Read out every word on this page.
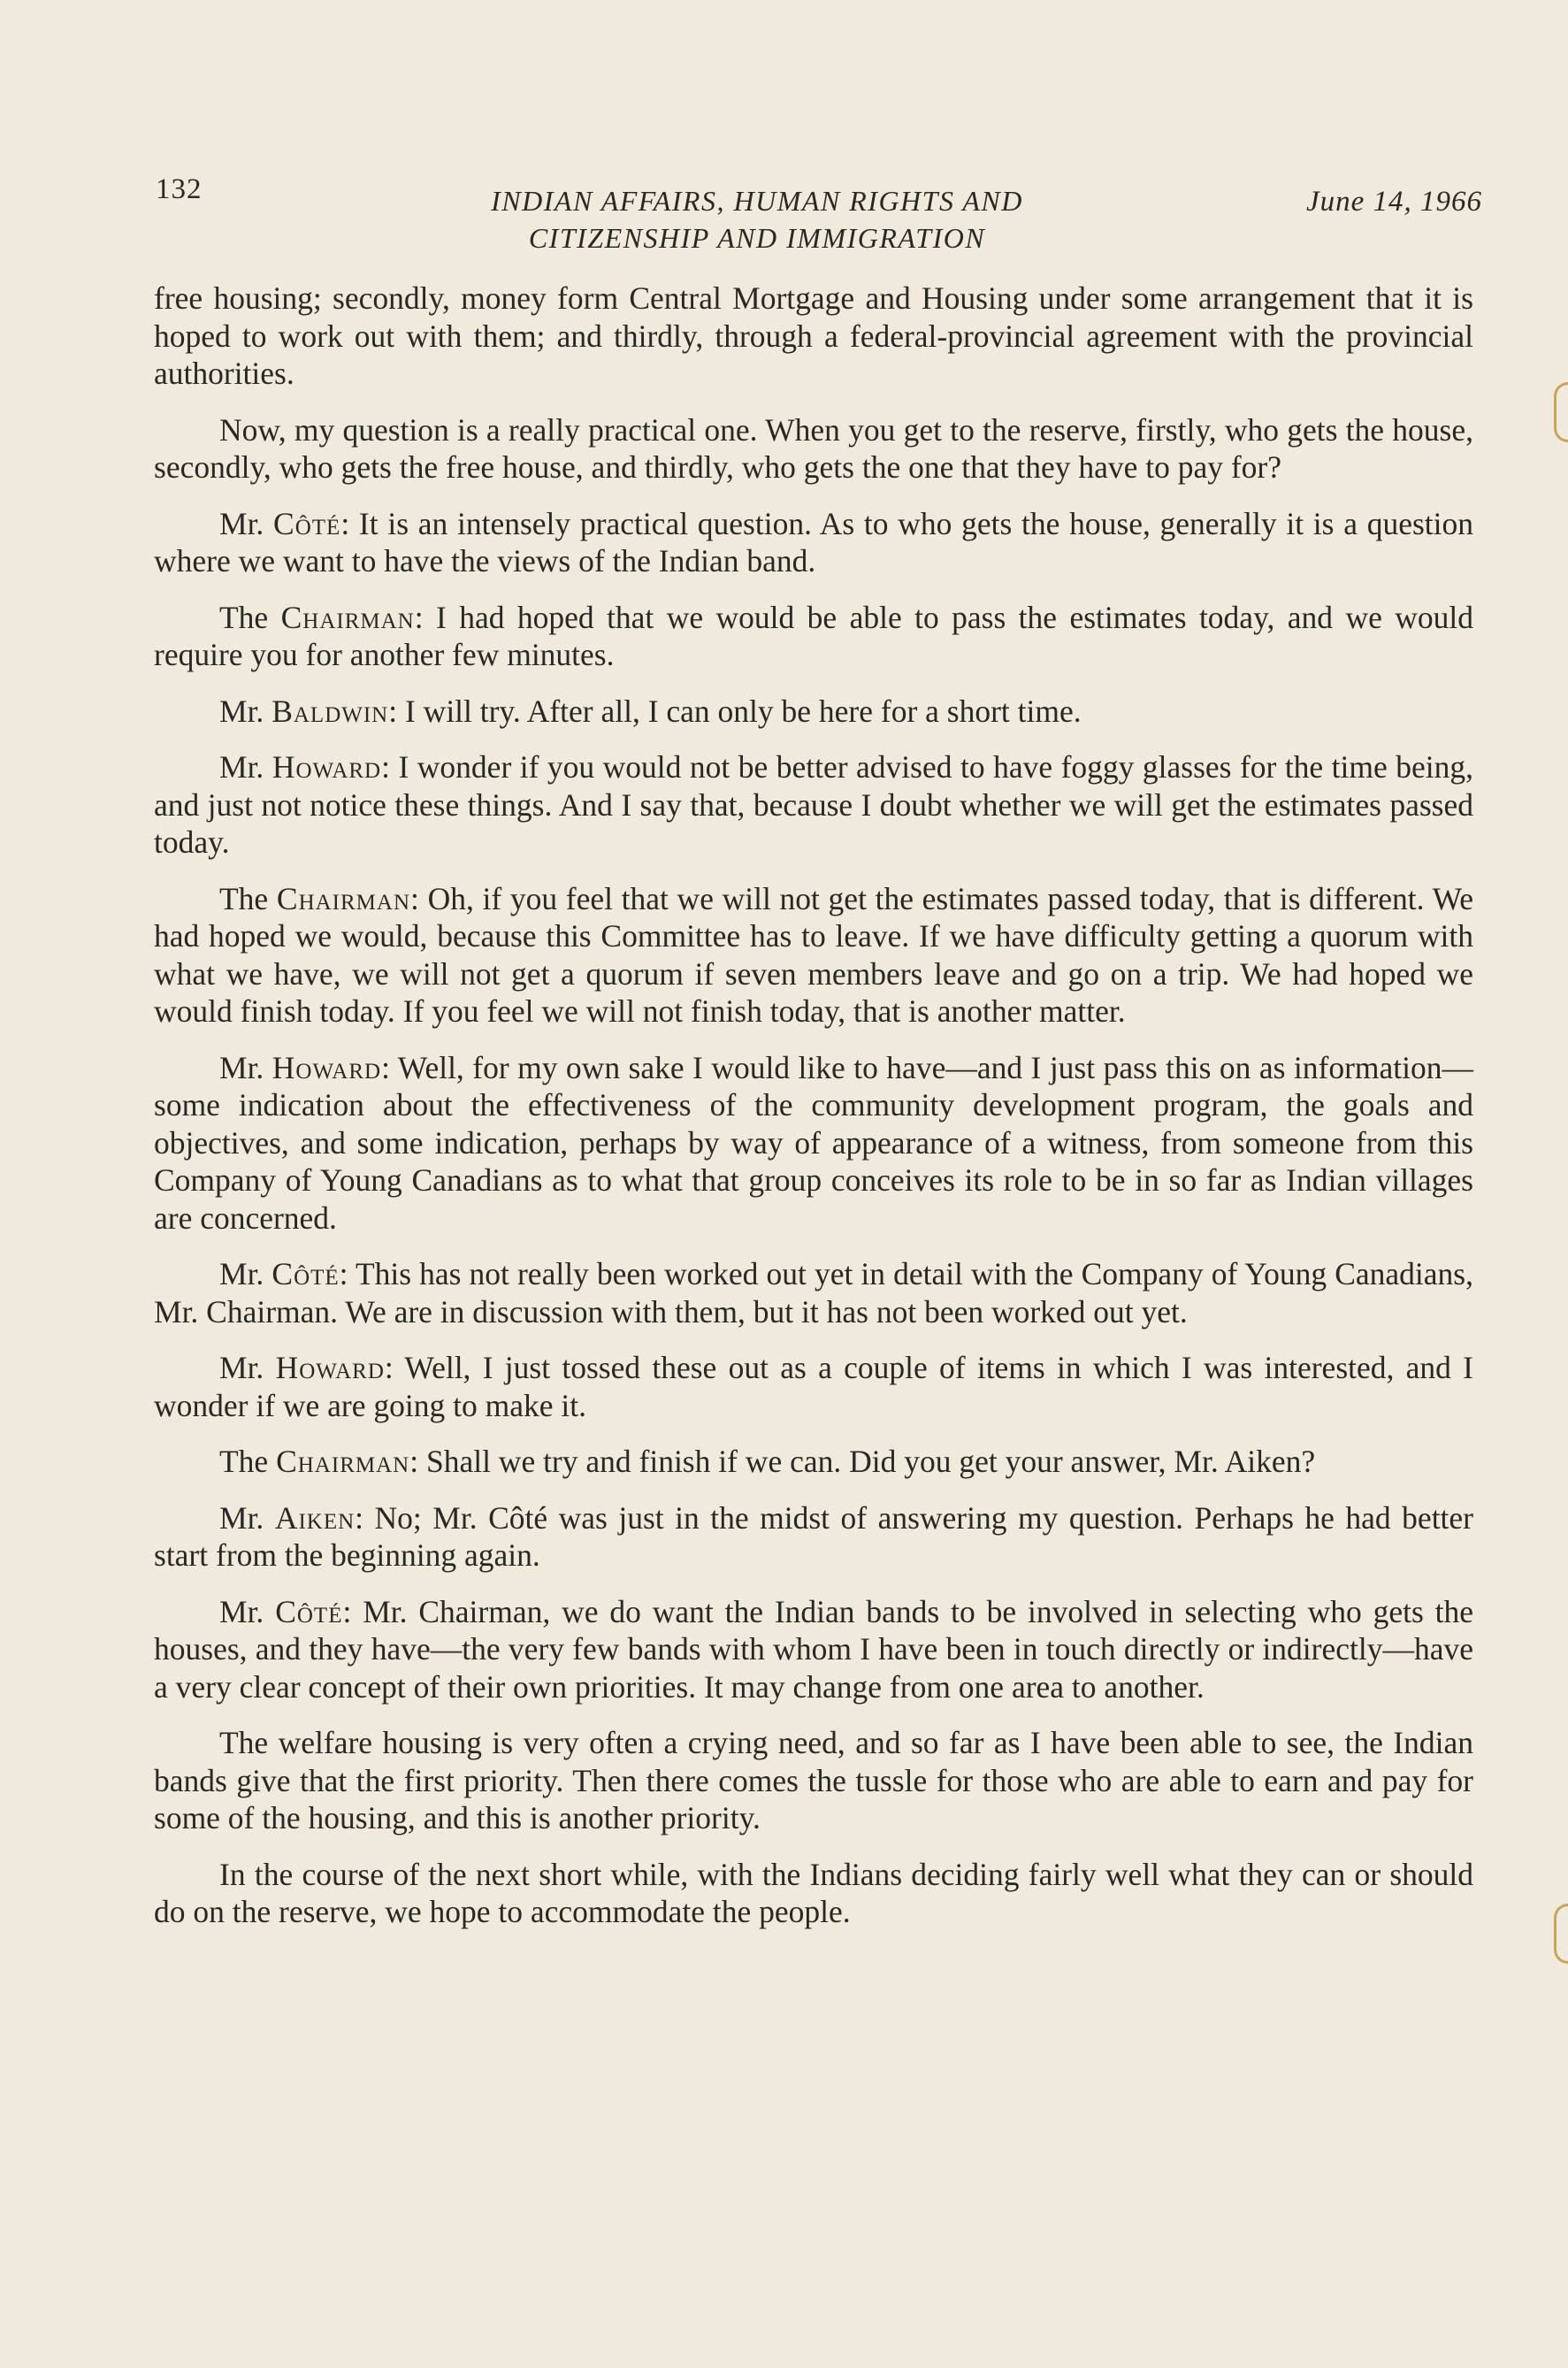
132	INDIAN AFFAIRS, HUMAN RIGHTS AND
CITIZENSHIP AND IMMIGRATION
June 14, 1966

free housing; secondly, money form Central Mortgage and Housing under some arrangement that it is hoped to work out with them; and thirdly, through a federal-provincial agreement with the provincial authorities.

Now, my question is a really practical one. When you get to the reserve, firstly, who gets the house, secondly, who gets the free house, and thirdly, who gets the one that they have to pay for?

Mr. Côté: It is an intensely practical question. As to who gets the house, generally it is a question where we want to have the views of the Indian band.

The Chairman: I had hoped that we would be able to pass the estimates today, and we would require you for another few minutes.

Mr. Baldwin: I will try. After all, I can only be here for a short time.

Mr. Howard: I wonder if you would not be better advised to have foggy glasses for the time being, and just not notice these things. And I say that, because I doubt whether we will get the estimates passed today.

The Chairman: Oh, if you feel that we will not get the estimates passed today, that is different. We had hoped we would, because this Committee has to leave. If we have difficulty getting a quorum with what we have, we will not get a quorum if seven members leave and go on a trip. We had hoped we would finish today. If you feel we will not finish today, that is another matter.

Mr. Howard: Well, for my own sake I would like to have—and I just pass this on as information—some indication about the effectiveness of the community development program, the goals and objectives, and some indication, perhaps by way of appearance of a witness, from someone from this Company of Young Canadians as to what that group conceives its role to be in so far as Indian villages are concerned.

Mr. Côté: This has not really been worked out yet in detail with the Company of Young Canadians, Mr. Chairman. We are in discussion with them, but it has not been worked out yet.

Mr. Howard: Well, I just tossed these out as a couple of items in which I was interested, and I wonder if we are going to make it.

The Chairman: Shall we try and finish if we can. Did you get your answer, Mr. Aiken?

Mr. Aiken: No; Mr. Côté was just in the midst of answering my question. Perhaps he had better start from the beginning again.

Mr. Côté: Mr. Chairman, we do want the Indian bands to be involved in selecting who gets the houses, and they have—the very few bands with whom I have been in touch directly or indirectly—have a very clear concept of their own priorities. It may change from one area to another.

The welfare housing is very often a crying need, and so far as I have been able to see, the Indian bands give that the first priority. Then there comes the tussle for those who are able to earn and pay for some of the housing, and this is another priority.

In the course of the next short while, with the Indians deciding fairly well what they can or should do on the reserve, we hope to accommodate the people.
